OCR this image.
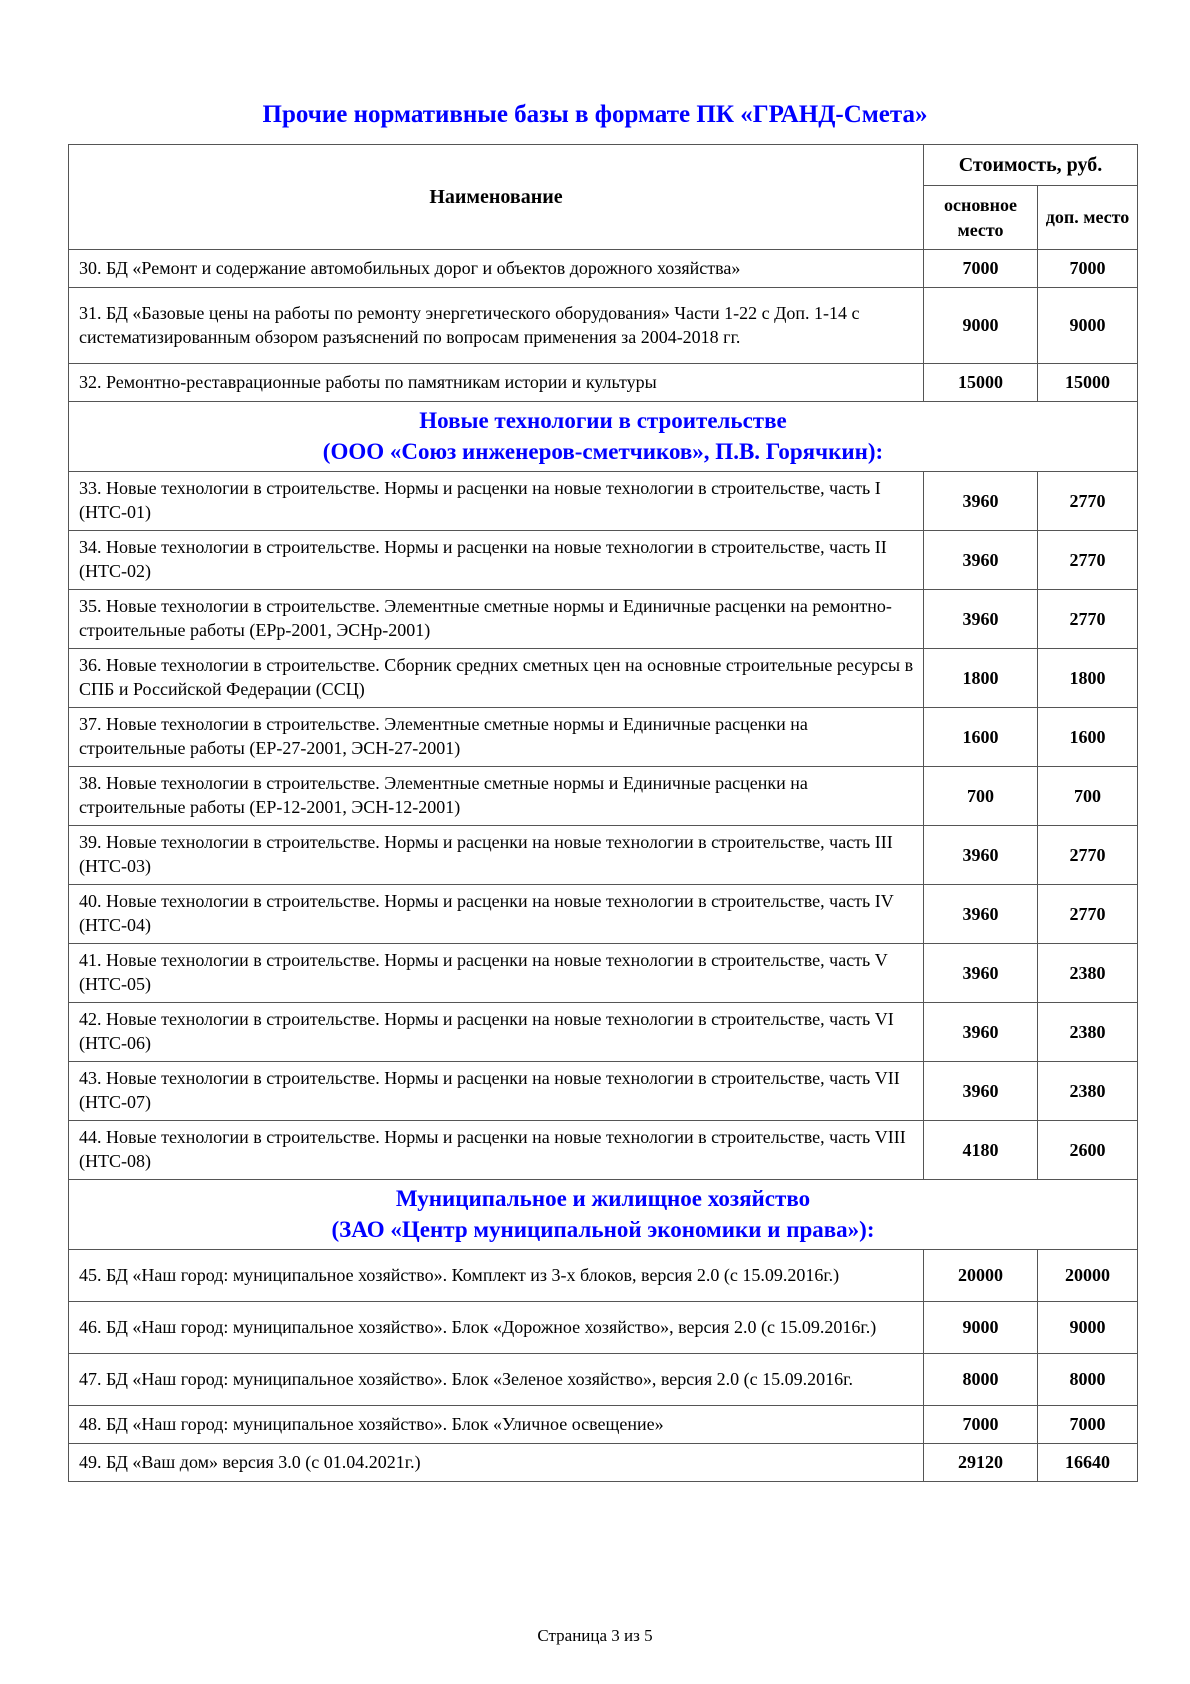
Прочие нормативные базы в формате ПК «ГРАНД-Смета»
Наименование	Стоимость, руб.	
	основное место	доп. место
30. БД «Ремонт и содержание автомобильных дорог и объектов дорожного хозяйства»	7000	7000
31. БД «Базовые цены на работы по ремонту энергетического оборудования» Части 1-22 с Доп. 1-14 с систематизированным обзором разъяснений по вопросам применения за 2004-2018 гг.	9000	9000
32. Ремонтно-реставрационные работы по памятникам истории и культуры	15000	15000

Новые технологии в строительстве
(ООО «Союз инженеров-сметчиков», П.В. Горячкин):		

33. Новые технологии в строительстве. Нормы и расценки на новые технологии в строительстве, часть I (НТС-01)	3960	2770
34. Новые технологии в строительстве. Нормы и расценки на новые технологии в строительстве, часть II (НТС-02)	3960	2770
35. Новые технологии в строительстве. Элементные сметные нормы и Единичные расценки на ремонтно-строительные работы (ЕРр-2001, ЭСНр-2001)	3960	2770
36. Новые технологии в строительстве. Сборник средних сметных цен на основные строительные ресурсы в СПБ и Российской Федерации (ССЦ)	1800	1800
37. Новые технологии в строительстве. Элементные сметные нормы и Единичные расценки на строительные работы (ЕР-27-2001, ЭСН-27-2001)	1600	1600
38. Новые технологии в строительстве. Элементные сметные нормы и Единичные расценки на строительные работы (ЕР-12-2001, ЭСН-12-2001)	700	700
39. Новые технологии в строительстве. Нормы и расценки на новые технологии в строительстве, часть III (НТС-03)	3960	2770
40. Новые технологии в строительстве. Нормы и расценки на новые технологии в строительстве, часть IV (НТС-04)	3960	2770
41. Новые технологии в строительстве. Нормы и расценки на новые технологии в строительстве, часть V (НТС-05)	3960	2380
42. Новые технологии в строительстве. Нормы и расценки на новые технологии в строительстве, часть VI (НТС-06)	3960	2380
43. Новые технологии в строительстве. Нормы и расценки на новые технологии в строительстве, часть VII (НТС-07)	3960	2380
44. Новые технологии в строительстве. Нормы и расценки на новые технологии в строительстве, часть VIII (НТС-08)	4180	2600

Муниципальное и жилищное хозяйство
(ЗАО «Центр муниципальной экономики и права»):		

45. БД «Наш город: муниципальное хозяйство». Комплект из 3-х блоков, версия 2.0 (с 15.09.2016г.)	20000	20000
46. БД «Наш город: муниципальное хозяйство». Блок «Дорожное хозяйство», версия 2.0 (с 15.09.2016г.)	9000	9000
47. БД «Наш город: муниципальное хозяйство». Блок «Зеленое хозяйство», версия 2.0 (с 15.09.2016г.	8000	8000
48. БД «Наш город: муниципальное хозяйство». Блок «Уличное освещение»	7000	7000
49. БД «Ваш дом» версия 3.0 (с 01.04.2021г.)	29120	16640
Страница 3 из 5
